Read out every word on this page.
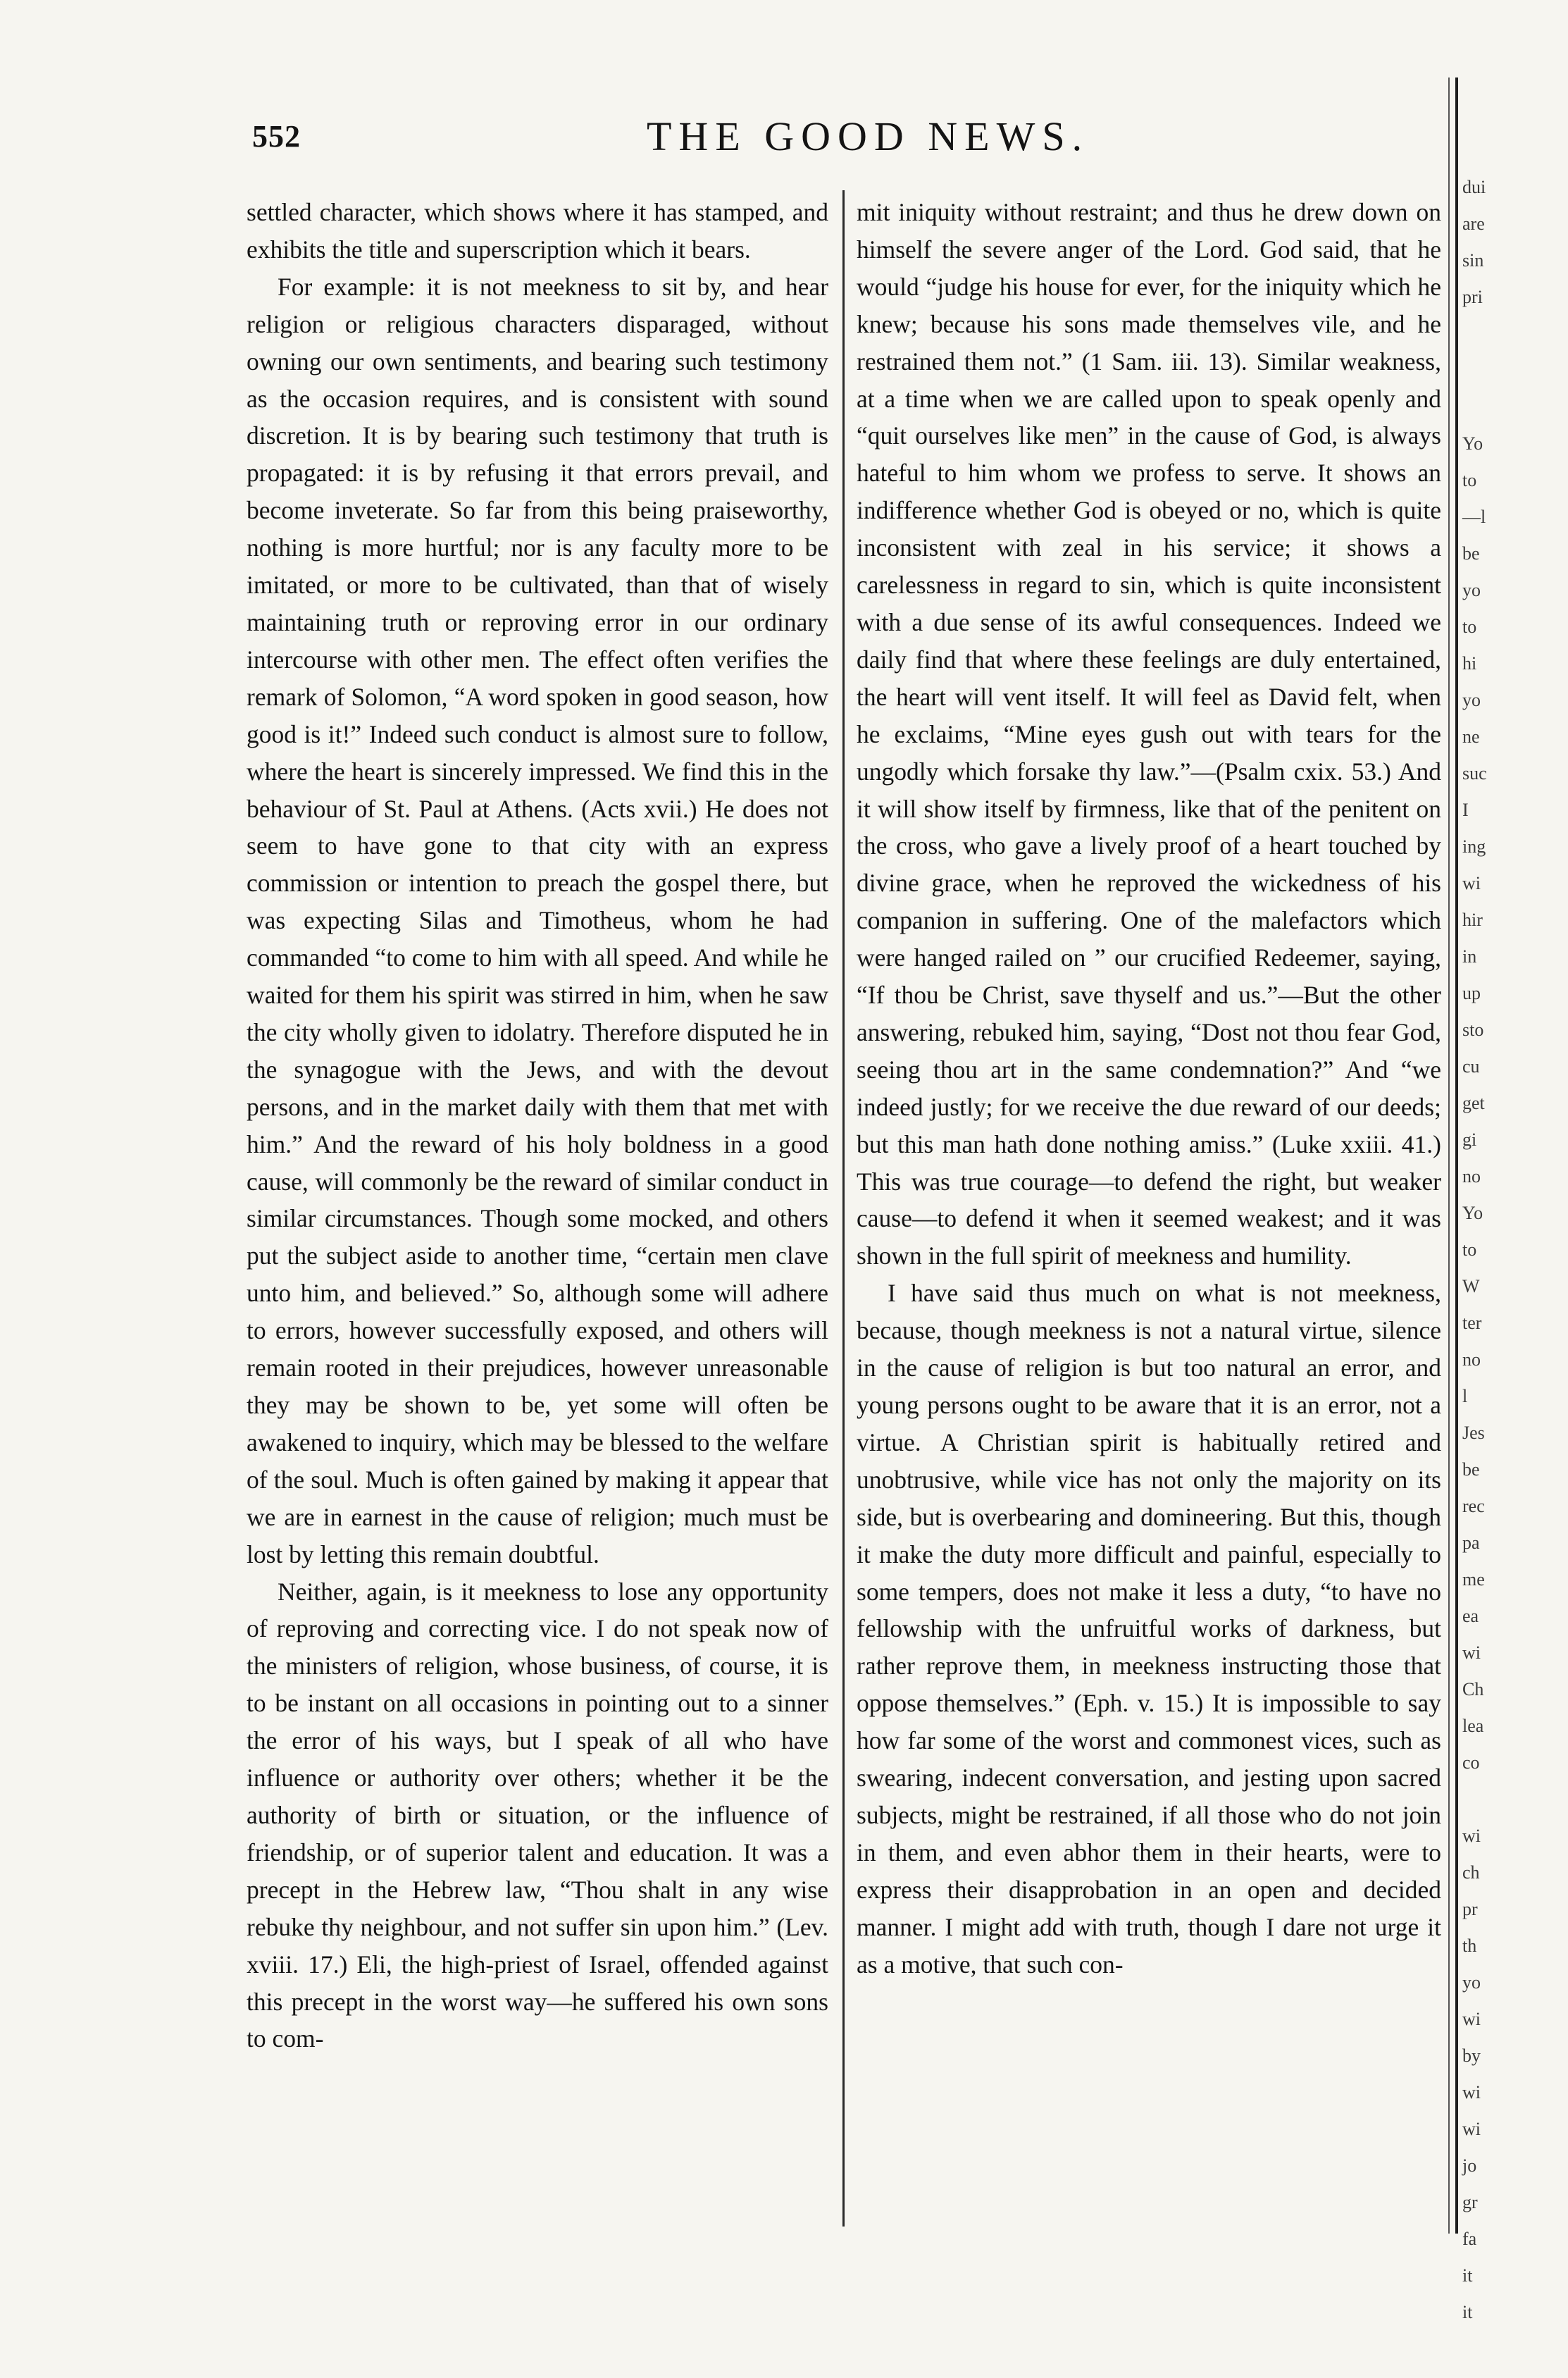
552	THE GOOD NEWS.

settled character, which shows where it has stamped, and exhibits the title and superscription which it bears.

For example: it is not meekness to sit by, and hear religion or religious characters disparaged, without owning our own sentiments, and bearing such testimony as the occasion requires, and is consistent with sound discretion. It is by bearing such testimony that truth is propagated: it is by refusing it that errors prevail, and become inveterate. So far from this being praiseworthy, nothing is more hurtful; nor is any faculty more to be imitated, or more to be cultivated, than that of wisely maintaining truth or reproving error in our ordinary intercourse with other men. The effect often verifies the remark of Solomon, “A word spoken in good season, how good is it!” Indeed such conduct is almost sure to follow, where the heart is sincerely impressed. We find this in the behaviour of St. Paul at Athens. (Acts xvii.) He does not seem to have gone to that city with an express commission or intention to preach the gospel there, but was expecting Silas and Timotheus, whom he had commanded “to come to him with all speed. And while he waited for them his spirit was stirred in him, when he saw the city wholly given to idolatry. Therefore disputed he in the synagogue with the Jews, and with the devout persons, and in the market daily with them that met with him.” And the reward of his holy boldness in a good cause, will commonly be the reward of similar conduct in similar circumstances. Though some mocked, and others put the subject aside to another time, “certain men clave unto him, and believed.” So, although some will adhere to errors, however successfully exposed, and others will remain rooted in their prejudices, however unreasonable they may be shown to be, yet some will often be awakened to inquiry, which may be blessed to the welfare of the soul. Much is often gained by making it appear that we are in earnest in the cause of religion; much must be lost by letting this remain doubtful.

Neither, again, is it meekness to lose any opportunity of reproving and correcting vice. I do not speak now of the ministers of religion, whose business, of course, it is to be instant on all occasions in pointing out to a sinner the error of his ways, but I speak of all who have influence or authority over others; whether it be the authority of birth or situation, or the influence of friendship, or of superior talent and education. It was a precept in the Hebrew law, “Thou shalt in any wise rebuke thy neighbour, and not suffer sin upon him.” (Lev. xviii. 17.) Eli, the high-priest of Israel, offended against this precept in the worst way—he suffered his own sons to com-

mit iniquity without restraint; and thus he drew down on himself the severe anger of the Lord. God said, that he would “judge his house for ever, for the iniquity which he knew; because his sons made themselves vile, and he restrained them not.” (1 Sam. iii. 13). Similar weakness, at a time when we are called upon to speak openly and “quit ourselves like men” in the cause of God, is always hateful to him whom we profess to serve. It shows an indifference whether God is obeyed or no, which is quite inconsistent with zeal in his service; it shows a carelessness in regard to sin, which is quite inconsistent with a due sense of its awful consequences. Indeed we daily find that where these feelings are duly entertained, the heart will vent itself. It will feel as David felt, when he exclaims, “Mine eyes gush out with tears for the ungodly which forsake thy law.”—(Psalm cxix. 53.) And it will show itself by firmness, like that of the penitent on the cross, who gave a lively proof of a heart touched by divine grace, when he reproved the wickedness of his companion in suffering. One of the malefactors which were hanged railed on ” our crucified Redeemer, saying, “If thou be Christ, save thyself and us.”—But the other answering, rebuked him, saying, “Dost not thou fear God, seeing thou art in the same condemnation?” And “we indeed justly; for we receive the due reward of our deeds; but this man hath done nothing amiss.” (Luke xxiii. 41.) This was true courage—to defend the right, but weaker cause—to defend it when it seemed weakest; and it was shown in the full spirit of meekness and humility.

I have said thus much on what is not meekness, because, though meekness is not a natural virtue, silence in the cause of religion is but too natural an error, and young persons ought to be aware that it is an error, not a virtue. A Christian spirit is habitually retired and unobtrusive, while vice has not only the majority on its side, but is overbearing and domineering. But this, though it make the duty more difficult and painful, especially to some tempers, does not make it less a duty, “to have no fellowship with the unfruitful works of darkness, but rather reprove them, in meekness instructing those that oppose themselves.” (Eph. v. 15.) It is impossible to say how far some of the worst and commonest vices, such as swearing, indecent conversation, and jesting upon sacred subjects, might be restrained, if all those who do not join in them, and even abhor them in their hearts, were to express their disapprobation in an open and decided manner. I might add with truth, though I dare not urge it as a motive, that such con-

dui
are
sin
pri

Yo
to
—l
be
yo
to
hi
yo
ne
suc
I
ing
wi
hir
in
up
sto
cu
get
gi
no
Yo
to
W
ter
no
l
Jes
be
rec
pa
me
ea
wi
Ch
lea
co

wi
ch
pr
th
yo
wi
by
wi
wi
jo
gr
fa
it
it
